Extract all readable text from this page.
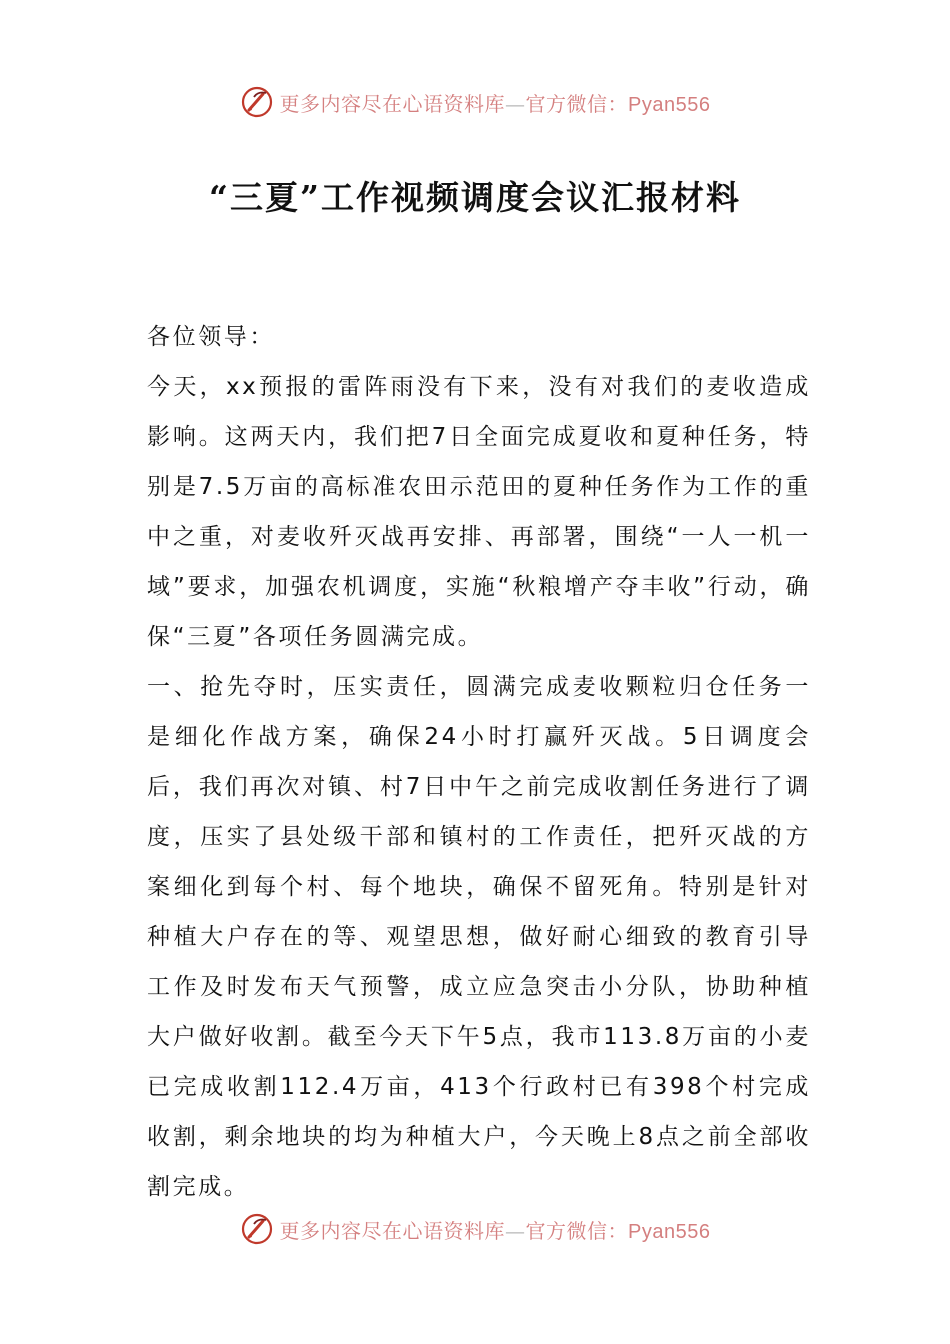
更多内容尽在心语资料库—官方微信：Pyan556
“三夏”工作视频调度会议汇报材料

各位领导：

今天，xx预报的雷阵雨没有下来，没有对我们的麦收造成影响。这两天内，我们把7日全面完成夏收和夏种任务，特别是7.5万亩的高标准农田示范田的夏种任务作为工作的重中之重，对麦收歼灭战再安排、再部署，围绕“一人一机一域”要求，加强农机调度，实施“秋粮增产夺丰收”行动，确保“三夏”各项任务圆满完成。

一、抢先夺时，压实责任，圆满完成麦收颗粒归仓任务一是细化作战方案，确保24小时打赢歼灭战。5日调度会后，我们再次对镇、村7日中午之前完成收割任务进行了调度，压实了县处级干部和镇村的工作责任，把歼灭战的方案细化到每个村、每个地块，确保不留死角。特别是针对种植大户存在的等、观望思想，做好耐心细致的教育引导工作及时发布天气预警，成立应急突击小分队，协助种植大户做好收割。截至今天下午5点，我市113.8万亩的小麦已完成收割112.4万亩，413个行政村已有398个村完成收割，剩余地块的均为种植大户，今天晚上8点之前全部收割完成。

更多内容尽在心语资料库—官方微信：Pyan556
